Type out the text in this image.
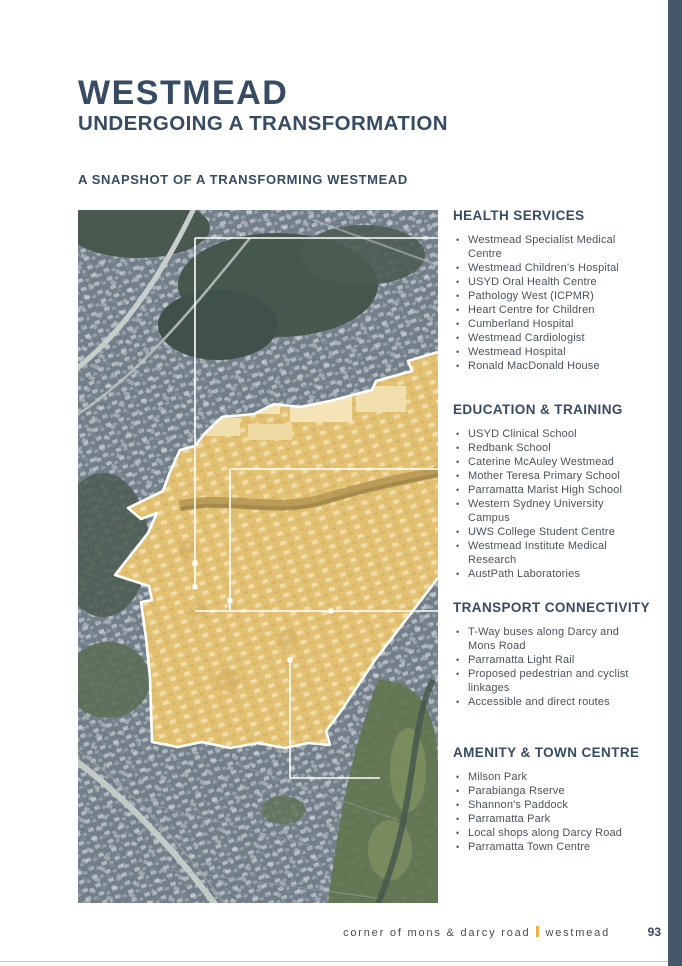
WESTMEAD
UNDERGOING A TRANSFORMATION
A SNAPSHOT OF A TRANSFORMING WESTMEAD
HEALTH SERVICES
• Westmead Specialist Medical Centre
• Westmead Children's Hospital
• USYD Oral Health Centre
• Pathology West (ICPMR)
• Heart Centre for Children
• Cumberland Hospital
• Westmead Cardiologist
• Westmead Hospital
• Ronald MacDonald House
EDUCATION & TRAINING
• USYD Clinical School
• Redbank School
• Caterine McAuley Westmead
• Mother Teresa Primary School
• Parramatta Marist High School
• Western Sydney University Campus
• UWS College Student Centre
• Westmead Institute Medical Research
• AustPath Laboratories
TRANSPORT CONNECTIVITY
• T-Way buses along Darcy and Mons Road
• Parramatta Light Rail
• Proposed pedestrian and cyclist linkages
• Accessible and direct routes
AMENITY & TOWN CENTRE
• Milson Park
• Parabianga Rserve
• Shannon's Paddock
• Parramatta Park
• Local shops along Darcy Road
• Parramatta Town Centre
corner of mons & darcy road westmead	93
